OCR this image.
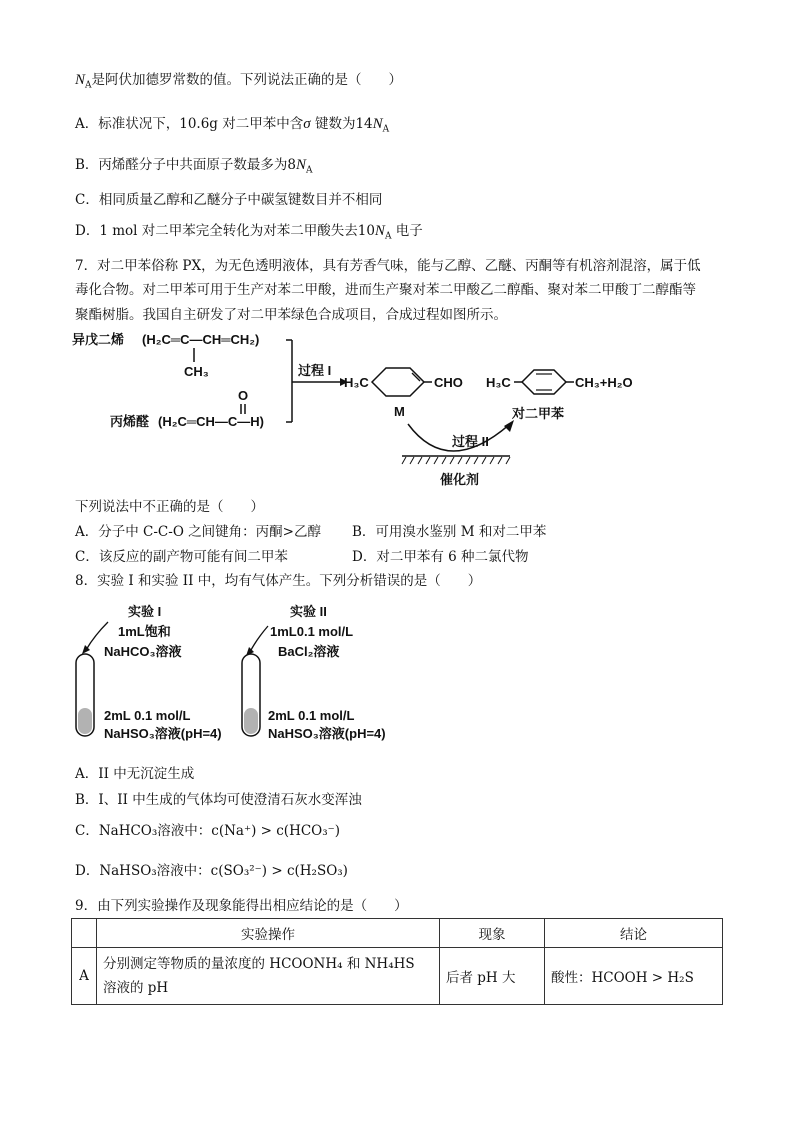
$N_A$是阿伏加德罗常数的值。下列说法正确的是（　　）
A．标准状况下，10.6g 对二甲苯中含σ 键数为$14N_A$
B．丙烯醛分子中共面原子数最多为$8N_A$
C．相同质量乙醇和乙醚分子中碳氢键数目并不相同
D．1 mol 对二甲苯完全转化为对苯二甲酸失去$10N_A$ 电子
7．对二甲苯俗称 PX，为无色透明液体，具有芳香气味，能与乙醇、乙醚、丙酮等有机溶剂混溶，属于低
毒化合物。对二甲苯可用于生产对苯二甲酸，进而生产聚对苯二甲酸乙二醇酯、聚对苯二甲酸丁二醇酯等
聚酯树脂。我国自主研发了对二甲苯绿色合成项目，合成过程如图所示。
异戊二烯 (H₂C═C—CH═CH₂)
CH₃
丙烯醛 (H₂C═CH—C—H)
O
过程 I
H₃C	CHO
M
H₃C	CH₃+H₂O
对二甲苯
过程 II
催化剂
下列说法中不正确的是（　　）
A．分子中 C-C-O 之间键角：丙酮>乙醇 B．可用溴水鉴别 M 和对二甲苯
C．该反应的副产物可能有间二甲苯	D．对二甲苯有 6 种二氯代物
8．实验 I 和实验 II 中，均有气体产生。下列分析错误的是（　　）
实验 I
1mL饱和
NaHCO₃溶液
2mL 0.1 mol/L
NaHSO₃溶液(pH=4)
实验 II
1mL0.1 mol/L
BaCl₂溶液
2mL 0.1 mol/L
NaHSO₃溶液(pH=4)
A．II 中无沉淀生成
B．I、II 中生成的气体均可使澄清石灰水变浑浊
C．NaHCO₃溶液中：c(Na⁺) > c(HCO₃⁻)
D．NaHSO₃溶液中：c(SO₃²⁻) > c(H₂SO₃)
9．由下列实验操作及现象能得出相应结论的是（　　）
	实验操作	现象	结论
A	分别测定等物质的量浓度的 HCOONH₄ 和 NH₄HS
溶液的 pH	后者 pH 大	酸性：HCOOH > H₂S
